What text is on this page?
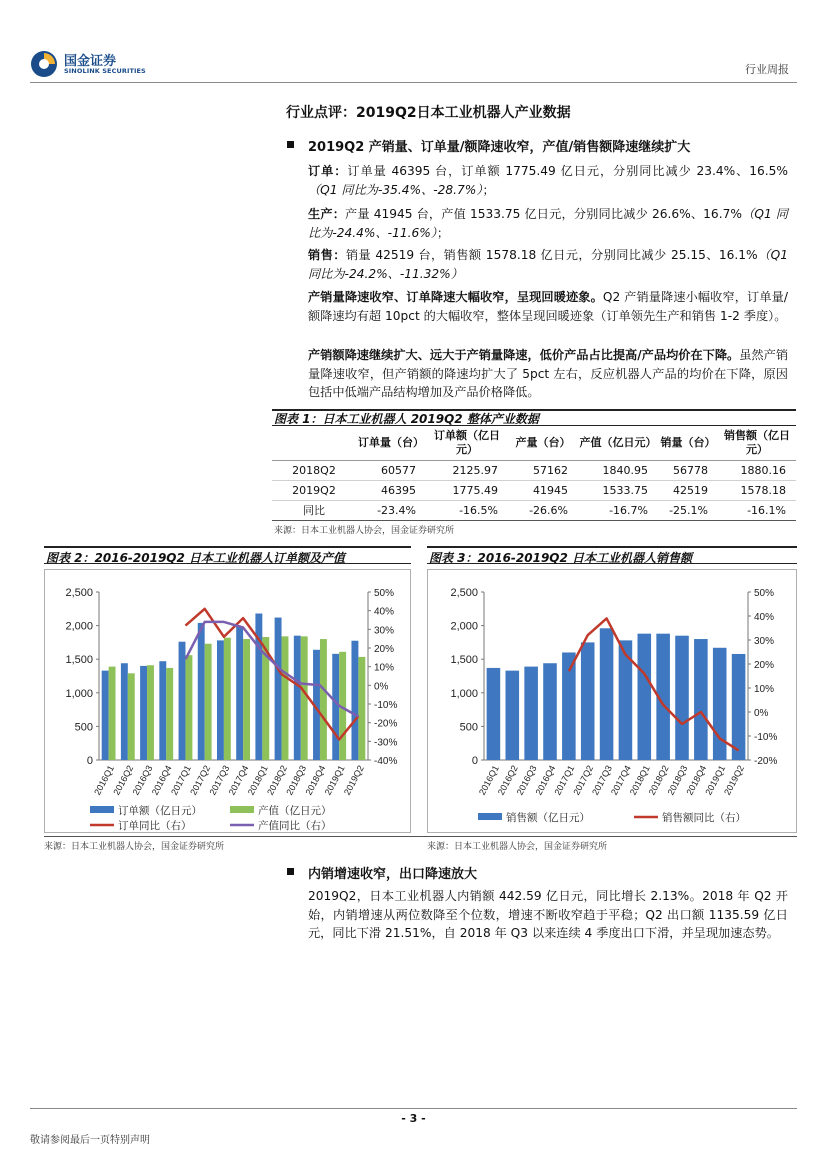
国金证券
SINOLINK SECURITIES	行业周报
行业点评：2019Q2日本工业机器人产业数据
2019Q2 产销量、订单量/额降速收窄，产值/销售额降速继续扩大
订单：订单量 46395 台，订单额 1775.49 亿日元，分别同比减少 23.4%、16.5%（Q1 同比为-35.4%、-28.7%）；
生产：产量 41945 台，产值 1533.75 亿日元，分别同比减少 26.6%、16.7%（Q1 同比为-24.4%、-11.6%）；
销售：销量 42519 台，销售额 1578.18 亿日元，分别同比减少 25.15、16.1%（Q1 同比为-24.2%、-11.32%）
产销量降速收窄、订单降速大幅收窄，呈现回暖迹象。Q2 产销量降速小幅收窄，订单量/额降速均有超 10pct 的大幅收窄，整体呈现回暖迹象（订单领先生产和销售 1-2 季度）。
产销额降速继续扩大、远大于产销量降速，低价产品占比提高/产品均价在下降。虽然产销量降速收窄，但产销额的降速均扩大了 5pct 左右，反应机器人产品的均价在下降，原因包括中低端产品结构增加及产品价格降低。
图表 1：日本工业机器人 2019Q2 整体产业数据
	订单量（台）	订单额（亿日元）	产量（台）	产值（亿日元）	销量（台）	销售额（亿日元）
2018Q2	60577	2125.97	57162	1840.95	56778	1880.16
2019Q2	46395	1775.49	41945	1533.75	42519	1578.18
同比	-23.4%	-16.5%	-26.6%	-16.7%	-25.1%	-16.1%
来源：日本工业机器人协会，国金证券研究所
图表 2：2016-2019Q2 日本工业机器人订单额及产值
0
500
1,000
1,500
2,000
2,500
-40%
-30%
-20%
-10%
0%
10%
20%
30%
40%
50%
2016Q1
2016Q2
2016Q3
2016Q4
2017Q1
2017Q2
2017Q3
2017Q4
2018Q1
2018Q2
2018Q3
2018Q4
2019Q1
2019Q2
订单额（亿日元）	产值（亿日元）
订单同比（右）	产值同比（右）
图表 3：2016-2019Q2 日本工业机器人销售额
0
500
1,000
1,500
2,000
2,500
-20%
-10%
0%
10%
20%
30%
40%
50%
2016Q1
2016Q2
2016Q3
2016Q4
2017Q1
2017Q2
2017Q3
2017Q4
2018Q1
2018Q2
2018Q3
2018Q4
2019Q1
2019Q2
销售额（亿日元）	销售额同比（右）
来源：日本工业机器人协会，国金证券研究所	来源：日本工业机器人协会，国金证券研究所
内销增速收窄，出口降速放大
2019Q2，日本工业机器人内销额 442.59 亿日元，同比增长 2.13%。2018 年 Q2 开始，内销增速从两位数降至个位数，增速不断收窄趋于平稳；Q2 出口额 1135.59 亿日元，同比下滑 21.51%，自 2018 年 Q3 以来连续 4 季度出口下滑，并呈现加速态势。
- 3 -
敬请参阅最后一页特别声明
